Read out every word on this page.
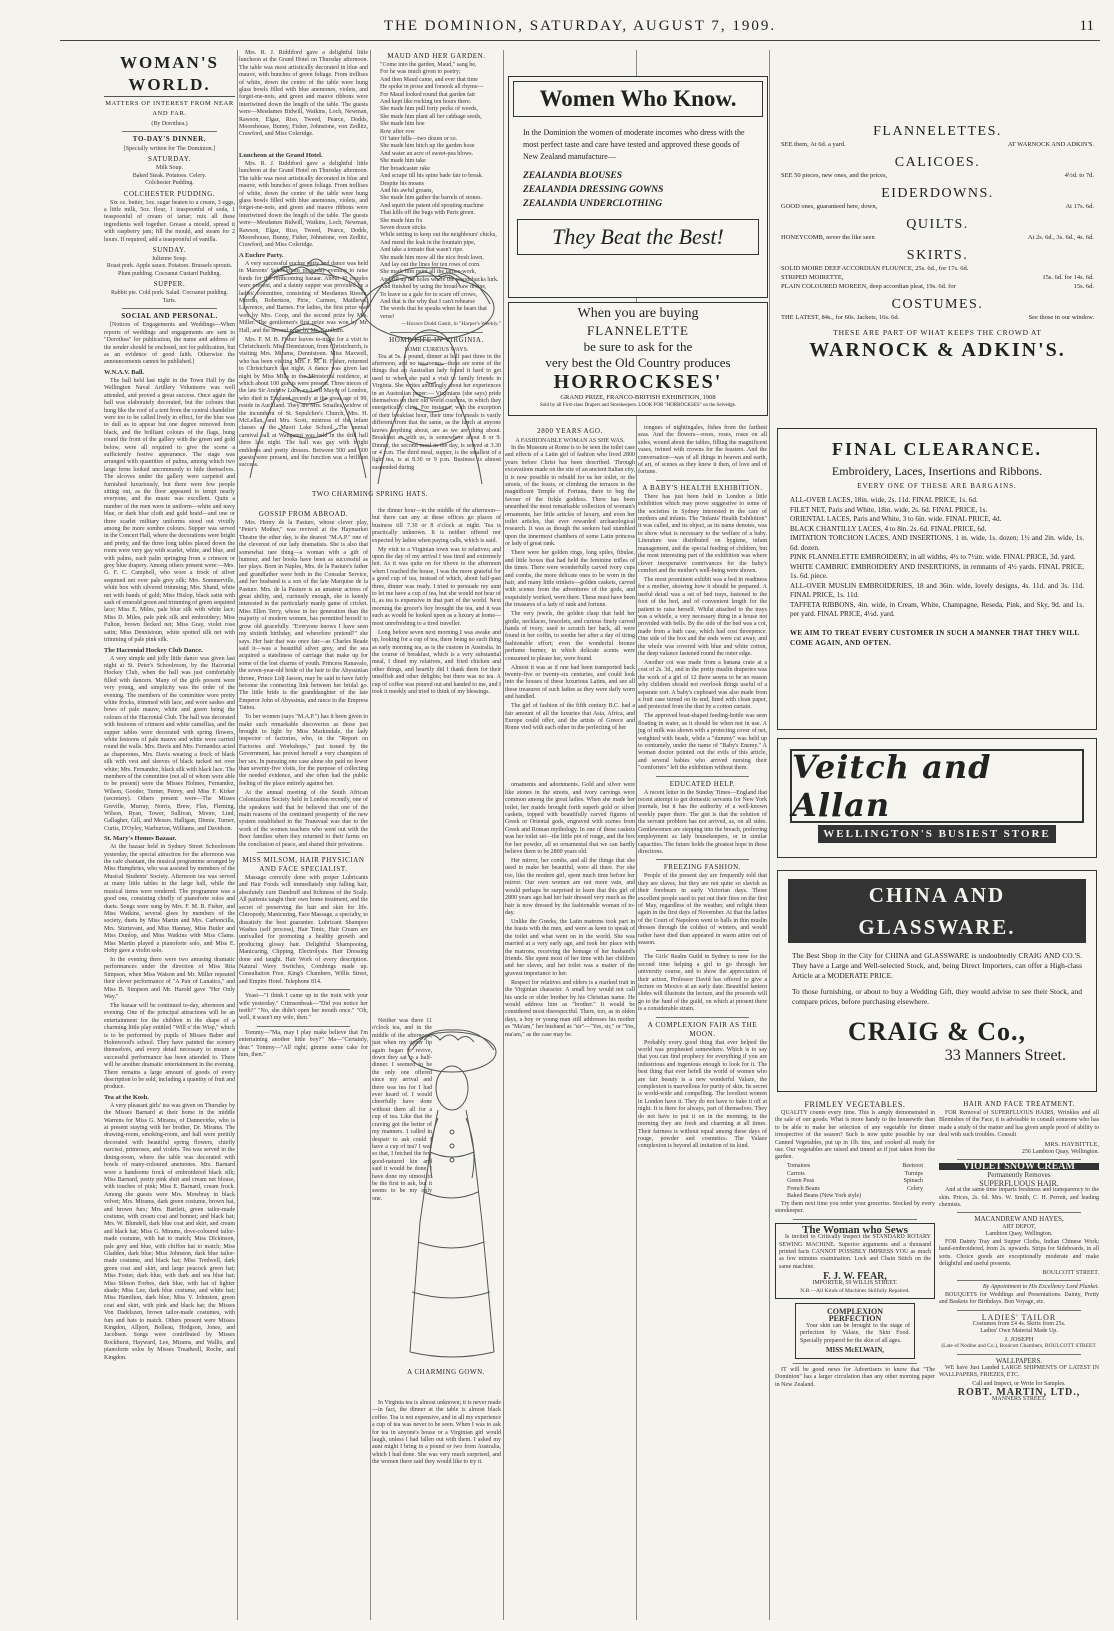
THE DOMINION, SATURDAY, AUGUST 7, 1909.	11
WOMAN'S WORLD.
MATTERS OF INTEREST FROM NEAR AND FAR.
(By Dorothea.)
TO-DAY'S DINNER.
[Specially written for The Dominion.]
SATURDAY.
Milk Soup.
Baked Steak. Potatoes. Celery.
Colchester Pudding.
COLCHESTER PUDDING.

Six oz. butter, 1oz. sugar beaten to a cream, 3 eggs, a little milk, 5oz. flour, 1 teaspoonful of soda, 1 teaspoonful of cream of tartar; mix all these ingredients well together. Grease a mould, spread it with raspberry jam; fill the mould, and steam for 2 hours. If required, add a teaspoonful of vanilla.

SUNDAY.
Julienne Soup.
Roast pork. Apple sauce. Potatoes. Brussels sprouts.
Plum pudding. Cocoanut Custard Pudding.
SUPPER.
Rabbit pie. Cold pork. Salad. Cocoanut pudding. Tarts.
SOCIAL AND PERSONAL.

[Notices of Engagements and Weddings—When reports of weddings and engagements are sent to "Dorothea" for publication, the name and address of the sender should be enclosed, not for publication, but as an evidence of good faith. Otherwise the announcements cannot be published.]

W.N.A.V. Ball.

The ball held last night in the Town Hall by the Wellington Naval Artillery Volunteers was well attended, and proved a great success. Once again the hall was elaborately decorated, but the colours that hung like the roof of a tent from the central chandelier were too to be called lively in effect, for the blue was to dull as to appear but one degree removed from black, and the brilliant colours of the flags, hung round the front of the gallery with the green and gold below, were all required to give the scene a sufficiently festive appearance. The stage was arranged with quantities of palms, among which two large ferns looked uncommonly to hide themselves. The alcoves under the gallery were carpeted and furnished luxuriously, but there were few people sitting out, as the floor appeared to tempt nearly everyone, and the music was excellent. Quite a number of the men were in uniform—white and navy blue, or dark blue cloth and gold braid—and one or three scarlet military uniforms stood out vividly among the more sombre colours. Supper was served in the Concert Hall, where the decorations were bright and pretty, and the three long tables placed down the room were very gay with scarlet, white, and blue, and with palms, each palm springing from a crimson or grey blue drapery. Among others present were:—Mrs. G. F. C. Campbell, who wore a frock of silver sequined net over pale grey silk; Mrs. Sommerville, white box with silvered trimming; Mrs. Shand, white net with bands of gold; Miss Hislop, black satin with sash of emerald green and trimming of green sequined lace; Miss E. Miles, pale blue silk with white lace; Miss D. Miles, pale pink silk and embroidery; Miss Fulton, brown flecked net; Miss Gray, violet rose satin; Miss Dennistoun, white spotted silk net with trimming of pale pink silk.

The Hacronial Hockey Club Dance.

A very simple and jolly little dance was given last night at St. Peter's Schoolroom, by the Hacronial Hockey Club, when the hall was just comfortably filled with dancers. Many of the girls present were very young, and simplicity was the order of the evening. The members of the committee wore pretty white frocks, trimmed with lace, and wore sashes and bows of pale mauve, white and green being the colours of the Hacronial Club. The hall was decorated with festoons of crimson and white camellias, and the supper tables were decorated with spring flowers, white festoons of pale mauve and white were carried round the walls. Mrs. Davis and Mrs. Fernandez acted as chaperones, Mrs. Davis wearing a frock of black silk with vest and sleeves of black tucked net over white; Mrs. Fernandez, black silk with black lace. The members of the committee (not all of whom were able to be present) were the Misses Holmes, Fernandez, Wilson, Gooder, Turner, Petrey, and Miss F. Kirker (secretary). Others present were—The Misses Greville, Murray, Norris, Brew, Flax, Fleming, Wilson, Ryan, Tower, Sullivan, Moore, Lind, Gallagher, Gill, and Messrs. Halligan, Dinnie, Turner, Curtis, D'Oyley, Warburton, Williams, and Davidson.

St. Mary's Homes Bazaar.

At the bazaar held in Sydney Street Schoolroom yesterday, the special attraction for the afternoon was the cafe chantant, the musical programme arranged by Miss Humphries, who was assisted by members of the Musical Students' Society. Afternoon tea was served at many little tables in the large hall, while the musical items were rendered. The programme was a good one, consisting chiefly of pianoforte solos and duets. Songs were sung by Mrs. F. M. B. Fisher, and Miss Watkins, several glees by members of the society, duets by Miss Martin and Mrs. Carboncilla, Mrs. Sturtevant, and Miss Hannay, Miss Butler and Miss Dunlop, and Miss Watkins with Miss Clams. Miss Martin played a pianoforte solo, and Miss E. Hoby gave a violin solo.

In the evening there were two amusing dramatic performances under the direction of Miss Rita Simpson, when Miss Watson and Mr. Miller repeated their clever performance of "A Pair of Lunatics," and Miss B. Simpson and Mr. Harold gave "Her Only Way."

The bazaar will be continued to-day, afternoon and evening. One of the principal attractions will be an entertainment for the children in the shape of a charming little play entitled "Will o' the Wisp," which is to be performed by pupils of Misses Baber and Holmwood's school. They have painted the scenery themselves, and every detail necessary to ensure a successful performance has been attended to. There will be another dramatic entertainment in the evening. There remains a large amount of goods of every description to be sold, including a quantity of fruit and produce.

Tea at the Kosh.

A very pleasant girls' tea was given on Thursday by the Misses Barnard at their home in the middle Warrens for Miss G. Mirams, of Dannevirke, who is at present staying with her brother, Dr. Mirams. The drawing-room, smoking-room, and hall were prettily decorated with beautiful spring flowers, chiefly narcissi, primroses, and violets. Tea was served in the dining-room, where the table was decorated with bowls of many-coloured anemones. Mrs. Barnard wore a handsome frock of embroidered black silk; Miss Barnard, pretty pink shirt and cream net blouse, with touches of pink; Miss E. Barnard, cream frock. Among the guests were Mrs. Mowbray in black velvet; Mrs. Mirams, dark green costume, brown hat, and brown furs; Mrs. Bartlett, green tailor-made costume, with cream coat and bonnet; and black hat; Mrs. W. Blundell, dark blue coat and skirt, and cream and black hat; Miss G. Mirams, dove-coloured tailor-made costume, with hat to match; Miss Dickinson, pale grey and blue, with chiffon hat to match; Miss Gladden, dark blue; Miss Johnston, dark blue tailor-made costume, and black hat; Miss Tredwell, dark green coat and skirt, and large peacock green hat; Miss Foster, dark blue, with dark and sea blue hat; Miss Sibson Forbes, dark blue, with hat of lighter shade; Miss Lee, dark blue costume, and white hat; Miss Hamilton, dark blue; Miss V. Johnston, green coat and skirt, with pink and black hat; the Misses Von Dadelszen, brown tailor-made costumes, with furs and hats to match. Others present were Misses Kingdon, Allport, Bolleau, Hodgson, Jones, and Jacobsen. Songs were contributed by Misses Rockhurst, Hayward, Lee, Mirams, and Wallis, and pianoforte solos by Misses Treadwell, Roche, and Kingdon.

Luncheon at the Grand Hotel.

Mrs. R. J. Riddiford gave a delightful little luncheon at the Grand Hotel on Thursday afternoon. The table was most artistically decorated in blue and mauve, with bunches of green foliage. From trellises of white, down the centre of the table were hung glass bowls filled with blue anemones, violets, and forget-me-nots, and green and mauve ribbons were intertwined down the length of the table. The guests were—Mesdames Bidwill, Watkins, Loch, Newman, Rawson, Elgar, Riso, Tweed, Pearce, Dodds, Moorehouse, Bunny, Fisher, Johnstone, von Zedlitz, Crawford, and Miss Coleridge.

A Euchre Party.

A very successful euchre party and dance was held in Marsons' Schoolroom yesterday evening to raise funds for the forthcoming bazaar. About 40 couples were present, and a dainty supper was provided by a ladies' committee, consisting of Mesdames Rieson, Morrah, Robertson, Pirie, Carmen, Matthews, Lawrence, and Barnes. For ladies, the first prize was won by Mrs. Coop, and the second prize by Mrs. Miller. The gentlemen's first prize was won by Mr. Hall, and the second prize by Mr. Gardham.

Mrs. F. M. B. Fisher leaves to-night for a visit to Christchurch. Miss Dennistoun, from Christchurch, is visiting Mrs. Mirams, Dennistoun. Miss Maxwell, who has been visiting Mrs. F. M. B. Fisher, returned to Christchurch last night. A dance was given last night by Miss Mills in the Ministerial residence, at which about 100 guests were present. Three nieces of the late Sir Andrew Lusk, ex-Lord Mayor of London, who died in England recently at the great age of 99, reside in Auckland. They are Mrs. Smailes, widow of the incumbent of St. Sepulchre's Church, Mrs. H. McLellan, and Mrs. Scott, mistress of the infant classes at the Maori Lake School. The annual carnival ball at Wanganui was held in the drill hall there last night. The hall was gay with bright emblems and pretty dresses. Between 500 and 600 guests were present, and the function was a brilliant success.

Mrs. R. J. Riddiford gave a delightful little luncheon at the Grand Hotel on Thursday afternoon. The table was most artistically decorated in blue and mauve, with bunches of green foliage. From trellises of white, down the centre of the table were hung glass bowls filled with blue anemones, violets, and forget-me-nots, and green and mauve ribbons were intertwined down the length of the table. The guests were—Mesdames Bidwill, Watkins, Loch, Newman, Rawson, Elgar, Riso, Tweed, Pearce, Dodds, Moorehouse, Bunny, Fisher, Johnstone, von Zedlitz, Crawford, and Miss Coleridge.

MAUD AND HER GARDEN.

"Come into the garden, Maud," sang he,

For he was much given to poetry;

And then Maud came, and ever that time

He spoke in prose and forsook all rhyme—

For Maud looked round that garden fair

And kept like rocking ten hours there.

She made him pull forty pecks of weeds,

She made him plant all her cabbage seeds,

She made him hoe

Row after row

Of 'tater hills—two dozen or so.

She made him hitch up the garden hose

And water an acre of sweet-pea blows.

She made him take

Her broadcaster rake

And scrape till his spine bade fair to break.

Despite his moans

And his awful groans,

She made him gather the barrels of stones.

And squirt the patent old spouting machine

That kills off the bugs with Paris green.

She made him fix

Seven dozen sticks

While setting to keep out the neighbours' chicks,

And mend the leak in the fountain pipe,

And take a tomato that wasn't ripe.

She made him mow all the nice fresh lawn,

And lay out the lines for ten rows of corn.

She made him paint all the lattice-work,

And fill up the holes where the woodchucks lurk.

And finished by using the broad-saw divine,

To leave us a gale for to scare off crows,

And that is the why that I can't rehearse

The words that he speaks when he hears that verse!

—Horace Dodd Gastit, in "Harper's Weekly."
HOME LIFE IN VIRGINIA.
SOME CURIOUS WAYS.

Tea at 5s. a pound, dinner at half past three in the afternoon, and no tea-rooms—these are some of the things that an Australian lady found it hard to get used to when she paid a visit to family friends in Virginia. She writes amusingly about her experiences in an Australian paper:— Virginians (she says) pride themselves on their old world customs, in which they energetically cling. For instance, with the exception of their breakfast hour, their time for meals is vastly different from that the same, as the lunch at anyone knows anything about, are as we are thing about. Breakfast as with us, is somewhere about 8 or 9. Dinner, the second meal in the day, is served at 3.30 or 4 p.m. The third meal, supper, is the smallest of a light tea, is at 8.30 or 9 p.m. Business is almost suspended during

TWO CHARMING SPRING HATS.
GOSSIP FROM ABROAD.

Mrs. Henry de la Pasture, whose clever play, "Peter's Mother," was revived at the Haymarket Theatre the other day, is the dearest "M.A.P." one of the cleverest of our lady dramatists. She is also that somewhat rare thing—a woman with a gift of humour, and her books have been as successful as her plays. Born in Naples, Mrs. de la Pasture's father and grandfather were both in the Consular Service, and her husband is a son of the late Marquise de la Pasture. Mrs. de la Pasture is an amateur actress of great ability, and, curiously enough, she is keenly interested in the particularly manly game of cricket. Miss Ellen Terry, whose in her generation than the majority of modern women, has permitted herself to grow old gracefully. "Everyone knows I have seen my sixtieth birthday, and wherefore pretend?" she says. Her hair that was once fair—as Charles Reade said it—was a beautiful silver grey, and the sea acquired a stateliness of carriage that make up for some of the lost charms of youth. Princess Ranavalo, the seven-year-old bride of the heir to the Abyssinian throne, Prince Lidj Jasson, may be said to have fairly become the connecting link between her bridal go. The little bride is the granddaughter of the late Emperor John of Abyssinia, and niece to the Empress Taitou.

To her women (says "M.A.P.") has it been given to make such remarkable discoveries as those just brought to light by Miss Markindale, the lady inspector of factories, who, in the "Report on Factories and Workshops," just issued by the Government, has proved herself a very champion of her sex. In pursuing one case alone she paid no fewer than seventy-five visits, for the purpose of collecting the needed evidence, and she often had the public feeling of the place entirely against her.

At the annual meeting of the South African Colonization Society held in London recently, one of the speakers said that he believed that one of the main reasons of the continued prosperity of the new system established in the Transvaal was due to the work of the women teachers who went out with the Boer families when they returned to their farms on the conclusion of peace, and shared their privations.

MISS MILSOM, HAIR PHYSICIAN AND FACE SPECIALIST.

Massage correctly done with proper Lubricants and Hair Foods will immediately stop falling hair, absolutely cure Dandruff and Itchiness of the Scalp. All patients taught their own home treatment, and the secret of preserving the hair and skin for life. Chiropody, Manicuring, Face Massage, a specialty, to dissatisfy the best guarantee. Lubricant Shampoo Washes (self process), Hair Tonic, Hair Cream are unrivalled for promoting a healthy growth and producing glossy hair. Delightful Shampooing, Manicuring, Clipping, Electrolysis. Hair Dressing done and taught. Hair Work of every description. Natural Wavy Switches, Combings made up. Consultation Free. King's Chambers, Willis Street, and Empire Hotel. Telephone 814.

Yeast—"I think I came up in the train with your wife yesterday." Crimsonbeak—"Did you notice her teeth?" "No, she didn't open her mouth once." "Oh, well, it wasn't my wife, then."

Tommy—"Ma, may I play make believe that I'm entertaining another little boy?" Ma—"Certainly, dear." Tommy—"All right; gimme some cake for him, then."

the dinner hour—in the middle of the afternoon—but there can any at these offices go places of business till 7.30 or 8 o'clock at night. Tea is practically unknown. It is neither offered nor expected by ladies when paying calls, which is said.

My visit to a Virginian town was to relatives; and upon the day of my arrival I was tired and extremely hot. As it was quite on for tibove to the afternoon when I reached the house, I was the more grateful for a good cup of tea, instead of which, about half-past three, dinner was ready. I tried to persuade my aunt to let me have a cup of tea, but she would not hear of it, as tea is expensive in that part of the world. Next morning the grocer's boy brought the tea, and it was such as would be looked upon as a luxury at home—most unrefreshing to a tired traveller.

Long before seven next morning I was awake and up, looking for a cup of tea, there being no such thing as early morning tea, as is the custom in Australia. In the course of breakfast, which is a very substantial meal, I dined my relatives, and fried chicken and other things, and heartily did I thank them for their unselfish and other delights; but there was no tea. A cup of coffee was poured out and handed to me, and I took it meekly and tried to think of my blessings.

Neither was there 11 o'clock tea, and in the middle of the afternoon, just when my upper lip again began to revive, down they sat to a half-dinner. I seemed to be the only one offered since my arrival and there was tea for I had ever heard of. I would cheerfully have done without them all for a cup of tea. Like that the craving got the better of my manners. I called in despair to ask could I have a cup of tea? I was so that, I fetched the few good-natured kin and said it would be done. I have done my utmost to be the first to ask, but it seems to be my only one.

In Virginia tea is almost unknown; it is never made—in fact, the dinner at the table is almost black coffee. Tea is not expensive, and in all my experience a cup of tea was never to be seen. When I was to ask for tea in anyone's house or a Virginian girl would laugh, unless I had fallen out with them. I asked my aunt might I bring in a pound or two from Australia, which I had done. She was very much surprised, and the women there said they would like to try it.

A CHARMING GOWN.
Women Who Know.
In the Dominion the women of moderate incomes who dress with the most perfect taste and care have tested and approved these goods of New Zealand manufacture—
ZEALANDIA BLOUSES
ZEALANDIA DRESSING GOWNS
ZEALANDIA UNDERCLOTHING
They Beat the Best!
When you are buying
FLANNELETTE
be sure to ask for the
very best the Old Country produces
HORROCKSES'
GRAND PRIZE, FRANCO-BRITISH EXHIBITION, 1908
Sold by all First-class Drapers and Storekeepers. LOOK FOR "HORROCKSES" on the Selvedge.
2800 YEARS AGO.
A FASHIONABLE WOMAN AS SHE WAS.

In the Museum at Rome is to be seen the toilet case and effects of a Latin girl of fashion who lived 2800 years before Christ has been described. Through excavations made on the site of an ancient Italian city, it is now possible to rebuild for us her toilet, or the streets, of the feasts, or climbing the terraces to the magnificent Temple of Fortuna, there to beg the favour of the fickle goddess. There has been unearthed the most remarkable collection of woman's ornaments, her little articles of luxury, and even her toilet articles, that ever rewarded archaeological research. It was as though the seekers had stumbled upon the innermost chambers of some Latin princess or lady of great rank.

There were her golden rings, long spiles, fibulae, and little boxes that had held the feminine trifles of the times. There were wonderfully carved ivory cups and combs, the more delicate ones to be worn in the hair, and many little trinkets—golden caskets, carved with scenes from the adventures of the gods, and exquisitely worked, were there. These must have been the treasures of a lady of rank and fortune.

The very jewels, the golden clasp that held her girdle, necklaces, bracelets, and curious finely carved hands of ivory, used to scratch her back, all were found in her coffin, to soothe her after a day of tiring fashionable effort; even the wonderful bronze perfume burner, in which delicate scents were consumed to please her, were found.

Almost it was as if one had been transported back twenty-five or twenty-six centuries, and could look into the houses of these luxurious Latins, and see all these treasures of such ladies as they were daily worn and handled.

The girl of fashion of the fifth century B.C. had a fair amount of all the luxuries that Asia, Africa, and Europe could offer, and the artists of Greece and Rome vied with each other in the perfecting of her

ornaments and adornments. Gold and silver were like stones in the streets, and ivory carvings were common among the great ladies. When she made her toilet, her maids brought forth superb gold or silver caskets, topped with beautifully carved figures of Greek or Oriental gods, engraved with scenes from Greek and Roman mythology. In one of these caskets was her toilet set—the little pot of rouge, and the box for her powder, all so ornamental that we can hardly believe them to be 2800 years old.

Her mirror, her combs, and all the things that she used to make her beautiful, were all there. For she too, like the modern girl, spent much time before her mirror. Our own women are not more vain, and would perhaps be surprised to learn that this girl of 2800 years ago had her hair dressed very much as the hair is now dressed by the fashionable woman of to-day.

Unlike the Greeks, the Latin matrons took part in the feasts with the men, and were as keen to speak of the toilet and what went on in the world. She was married at a very early age, and took her place with the matrons, receiving the homage of her husband's friends. She spent most of her time with her children and her slaves, and her toilet was a matter of the gravest importance to her.

Respect for relatives and elders is a marked trait in the Virginian character. A small boy would not call his uncle or elder brother by his Christian name. He would address him as "brother." It would be considered most disrespectful. There, too, as in olden days, a boy or young man still addresses his mother as "Ma'am," her husband as "sir"—"Yes, sir," or "Yes, ma'am," as the case may be.

tongues of nightingales, fishes from the farthest seas. And the flowers—roses, roses, roses on all sides, wound about the tables, filling the magnificent vases, twined with crowns for the feasters. And the conversation—was of all things in heaven and earth, of art, of scenes as they knew it then, of love and of fortune.

A BABY'S HEALTH EXHIBITION.

There has just been held in London a little exhibition which may prove suggestive to some of the societies in Sydney interested in the care of mothers and infants. The "Infants' Health Exhibition" it was called, and its object, as its name denotes, was to show what is necessary to the welfare of a baby. Literature was distributed on hygiene, infant management, and the special feeding of children, but the most interesting part of the exhibition was where clever inexpensive contrivances for the baby's comfort and the mother's well-being were shown.

The most prominent exhibit was a bed in readiness for a mother, showing how it should be prepared. A useful detail was a set of bed trays, fastened to the foot of the bed, and of convenient length for the patient to raise herself. Whilst attached to the trays was a whistle, a very necessary thing in a house not provided with bells. By the side of the bed was a cot, made from a bath case, which had cost threepence. One side of the box and the ends were cut away, and the whole was covered with blue and white cotton, the deep valance fastened round the outer edge.

Another cot was made from a banana crate at a cost of 2s. 3d., and in the pretty muslin draperies was the work of a girl of 12 there seems to be no reason why children should not overlook things useful of a separate sort. A baby's cupboard was also made from a fruit case turned on its end, lined with clean paper, and protected from the dust by a cotton curtain.

The approved boat-shaped feeding-bottle was seen floating in water, as it should be when not in use. A jug of milk was shown with a protecting cover of net, weighted with beads, while a "dummy" was held up to contumely, under the name of "Baby's Enemy." A woman doctor pointed out the evils of this article, and several babies who arrived nursing their "comforters" left the exhibition without them.

EDUCATED HELP.

A recent letter in the Sunday Times—England that recent attempt to get domestic servants for New York journals, but it has the authority of a well-known weekly paper there. The gist is that the solution of the servant problem has not arrived, as, on all sides. Gentlewomen are stepping into the breach, preferring employment as lady housekeepers, or in similar capacities. The future holds the greatest hope in these directions.

FREEZING FASHION.

People of the present day are frequently told that they are slaves, but they are not quite so slavish as their forebears in early Victorian days. Those excellent people used to put out their fires on the first of May, regardless of the weather, and relight them again in the first days of November. At that the ladies of the Court of Napoleon went to balls in thin muslin dresses through the coldest of winters, and would rather have died than appeared in warm attire out of season.

The Girls' Realm Guild in Sydney is now for the second time helping a girl to go through her university course, and to show the appreciation of their action, Professor David has offered to give a lecture on Mexico at an early date. Beautiful lantern slides will illustrate the lecture, and the proceeds will go to the fund of the guild, on which at present there is a considerable strain.

A COMPLEXION FAIR AS THE MOON.

Probably every good thing that ever helped the world was prophesied somewhere. Which is to say that you can find prophecy for everything if you are industrious and ingenious enough to look for it. The best thing that ever befell the world of women who are fair beauty is a new wonderful Valaze, the complexion is marvellous for purity of skin. Its secret is world-wide and compelling. The loveliest women in London have it. They do not have to bake it off at night. It is there for always, part of themselves. They do not have to put it on in the morning, in the morning they are fresh and charming at all times. Their fairness is without equal among these days of rouge, powder and cosmetics. The Valaze complexion is beyond all imitation of its kind.

FLANNELETTES.
SEE them, At 6d. a yard.	AT WARNOCK AND ADKIN'S.
CALICOES.
SEE 50 pieces, new ones, and the prices,	4½d. to 7d.
EIDERDOWNS.
GOOD ones, guaranteed here, down,	At 17s. 6d.
QUILTS.
HONEYCOMB, never the like seen	At 2s. 6d., 3s. 6d., 4s. 6d.
SKIRTS.
SOLID MOIRE DEEP ACCORDIAN FLOUNCE, 25s. 6d., for 17s. 6d.
STRIPED MOIRETTE,	15s. 6d. for 14s. 6d.
PLAIN COLOURED MOREEN, deep accordian pleat, 19s. 6d. for	15s. 6d.
COSTUMES.
THE LATEST, 84s., for 60s. Jackets, 16s. 6d.	See those in our window.
THESE ARE PART OF WHAT KEEPS THE CROWD AT
WARNOCK & ADKIN'S.
FINAL CLEARANCE.
Embroidery, Laces, Insertions and Ribbons.
EVERY ONE OF THESE ARE BARGAINS.
ALL-OVER LACES, 18in. wide, 2s. 11d. FINAL PRICE, 1s. 6d.
FILET NET, Paris and White, 18in. wide, 2s. 6d. FINAL PRICE, 1s.
ORIENTAL LACES, Paris and White, 3 to 6in. wide. FINAL PRICE, 4d.
BLACK CHANTILLY LACES, 4 to 8in. 2s. 6d. FINAL PRICE, 6d.
IMITATION TORCHON LACES, AND INSERTIONS, 1 in. wide, 1s. dozen; 1½ and 2in. wide, 1s. 6d. dozen.
PINK FLANNELETTE EMBROIDERY, in all widths, 4½ to 7½in. wide. FINAL PRICE, 3d. yard.
WHITE CAMBRIC EMBROIDERY AND INSERTIONS, in remnants of 4½ yards. FINAL PRICE, 1s. 6d. piece.
ALL-OVER MUSLIN EMBROIDERIES, 18 and 36in. wide, lovely designs, 4s. 11d. and 3s. 11d. FINAL PRICE, 1s. 11d.
TAFFETA RIBBONS, 4in. wide, in Cream, White, Champagne, Reseda, Pink, and Sky, 9d. and 1s. per yard. FINAL PRICE, 4½d. yard.
WE AIM TO TREAT EVERY CUSTOMER IN SUCH A MANNER THAT THEY WILL COME AGAIN, AND OFTEN.
Veitch and Allan
WELLINGTON'S BUSIEST STORE
CHINA AND GLASSWARE.
The Best Shop in the City for CHINA and GLASSWARE is undoubtedly CRAIG AND CO.'S. They have a Large and Well-selected Stock, and, being Direct Importers, can offer a High-class Article at a MODERATE PRICE.
To those furnishing, or about to buy a Wedding Gift, they would advise to see their Stock, and compare prices, before purchasing elsewhere.
CRAIG & Co.,
33 Manners Street.
FRIMLEY VEGETABLES.

QUALITY counts every time. This is amply demonstrated in the sale of our goods. What is more handy to the housewife than to be able to make her selection of any vegetable for dinner irrespective of the season? Such is now quite possible by our Canned Vegetables, put up in 1lb. tins, and cooked all ready for use. Our vegetables are raised and tinned as if just taken from the garden.

Tomatoes	Beetroot
Carrots	Turnips
Green Peas	Spinach
French Beans	Celery
Baked Beans (New York style)

Try them next time you order your groceries. Stocked by every storekeeper.

The Woman who Sews

Is invited to Critically Inspect the STANDARD ROTARY SEWING MACHINE. Superior arguments and a thousand printed facts CANNOT POSSIBLY IMPRESS YOU as much as few minutes examination. Lock and Chain Stitch on the same machine.

F. J. W. FEAR,
IMPORTER, 59 WILLIS STREET.
N.B.—All Kinds of Machines Skilfully Repaired.
COMPLEXION PERFECTION

Your skin can be brought to the stage of perfection by Valaze, the Skin Food. Specially prepared for the skin of all ages.

MISS McELWAIN,

IT will be good news for Advertisers to know that "The Dominion" has a larger circulation than any other morning paper in New Zealand.

HAIR AND FACE TREATMENT.

FOR Removal of SUPERFLUOUS HAIRS, Wrinkles and all Blemishes of the Face, it is advisable to consult someone who has made a study of the matter and has given ample proof of ability to deal with such troubles. Consult

MRS. HAYBITTLE,
256 Lambton Quay, Wellington.
VIOLET SNOW CREAM
Permanently Removes
SUPERFLUOUS HAIR.

And at the same time imparts freshness and transparency to the skin. Prices, 2s. 6d. Mrs. W. Smith, C. H. Perrett, and leading chemists.

MACANDREW AND HAYES,
ART DEPOT,
Lambton Quay, Wellington.

FOR Dainty Tray and Supper Cloths, Indian Chinese Work; hand-embroidered, from 2s. upwards. Strips for Sideboards, in all sorts. Choice goods are exceptionally moderate and make delightful and useful presents.

BOULCOTT STREET.
By Appointment to His Excellency Lord Plunket.

BOUQUETS for Weddings and Presentations. Dainty, Pretty and Baskets for Birthdays. Bon Voyage, etc.

LADIES' TAILOR
Costumes from £4 4s. Skirts from 25s.
Ladies' Own Material Made Up.
J. JOSEPH
(Late of Nodine and Co.), Boulcott Chambers, BOULCOTT STREET.
WALLPAPERS.

WE have Just Landed LARGE SHIPMENTS OF LATEST IN WALLPAPERS, FRIEZES, ETC.

Call and Inspect, or Write for Samples.
ROBT. MARTIN, LTD.,
MANNERS STREET.
